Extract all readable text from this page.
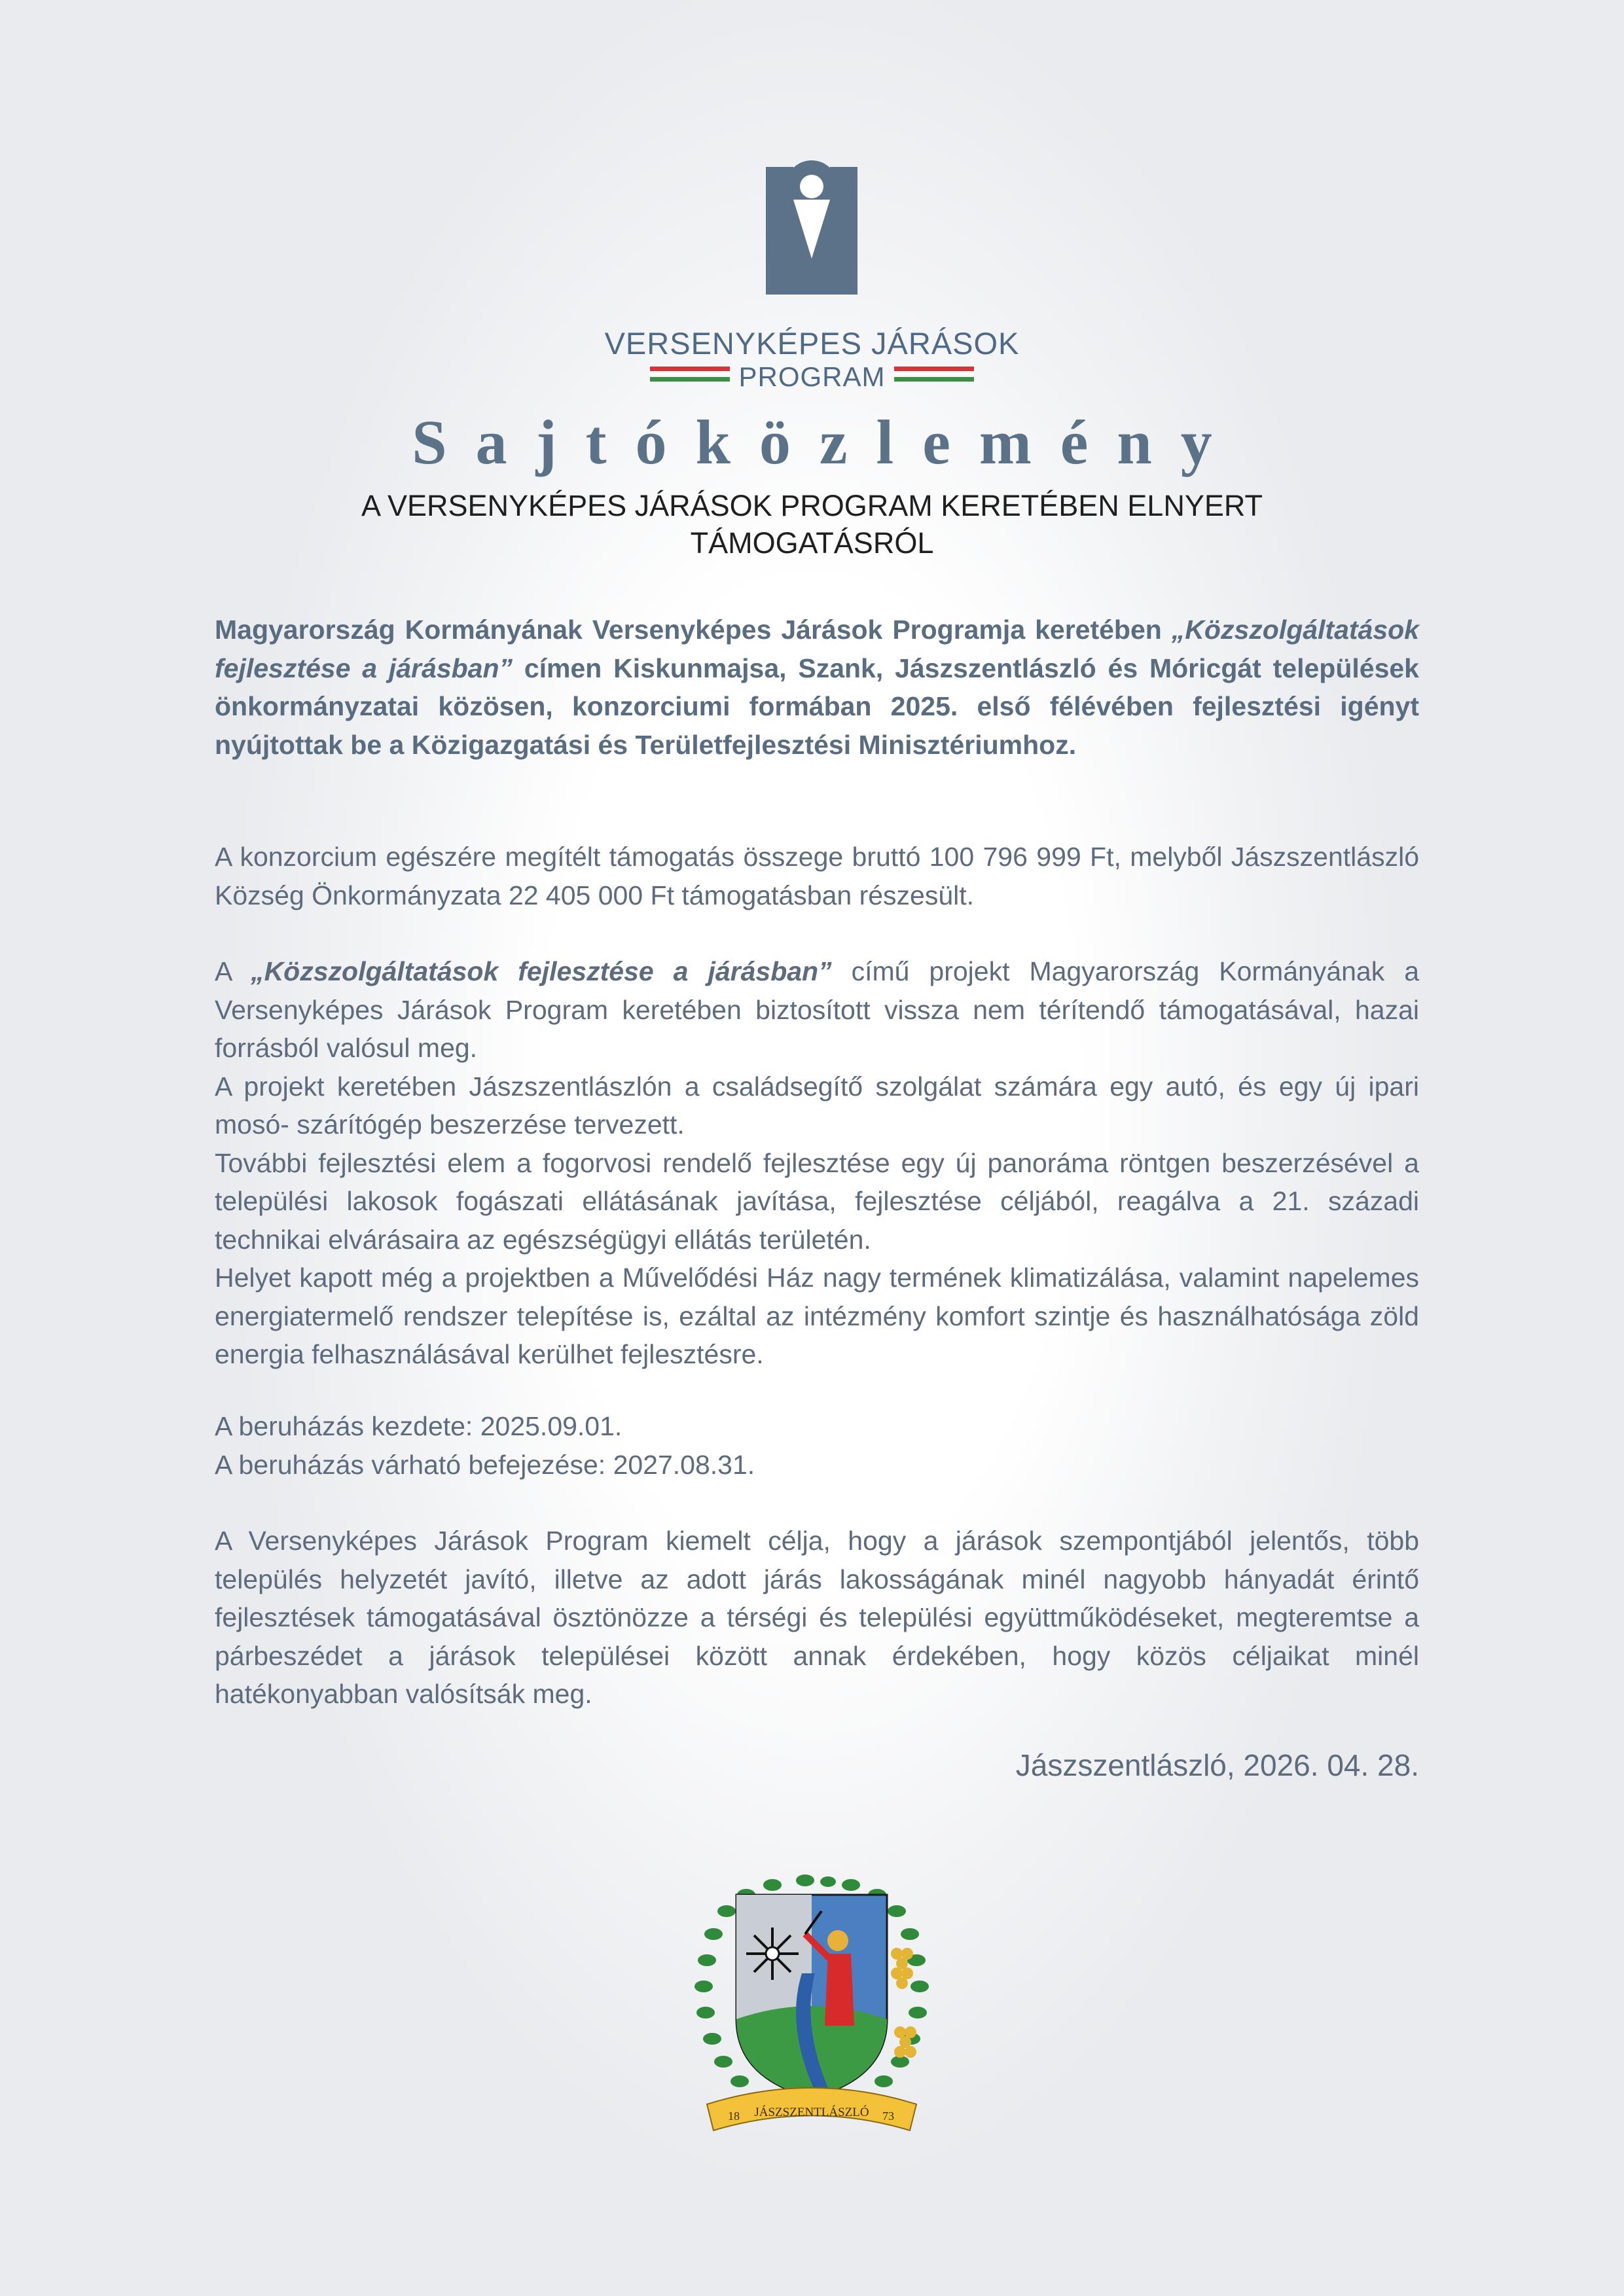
VERSENYKÉPES JÁRÁSOK
PROGRAM
Sajtóközlemény
A VERSENYKÉPES JÁRÁSOK PROGRAM KERETÉBEN ELNYERT TÁMOGATÁSRÓL

Magyarország Kormányának Versenyképes Járások Programja keretében „Közszolgáltatások fejlesztése a járásban” címen Kiskunmajsa, Szank, Jászszentlászló és Móricgát települések önkormányzatai közösen, konzorciumi formában 2025. első félévében fejlesztési igényt nyújtottak be a Közigazgatási és Területfejlesztési Minisztériumhoz.

A konzorcium egészére megítélt támogatás összege bruttó 100 796 999 Ft, melyből Jászszentlászló Község Önkormányzata 22 405 000 Ft támogatásban részesült.

A „Közszolgáltatások fejlesztése a járásban” című projekt Magyarország Kormányának a Versenyképes Járások Program keretében biztosított vissza nem térítendő támogatásával, hazai forrásból valósul meg.

A projekt keretében Jászszentlászlón a családsegítő szolgálat számára egy autó, és egy új ipari mosó- szárítógép beszerzése tervezett.

További fejlesztési elem a fogorvosi rendelő fejlesztése egy új panoráma röntgen beszerzésével a települési lakosok fogászati ellátásának javítása, fejlesztése céljából, reagálva a 21. századi technikai elvárásaira az egészségügyi ellátás területén.

Helyet kapott még a projektben a Művelődési Ház nagy termének klimatizálása, valamint napelemes energiatermelő rendszer telepítése is, ezáltal az intézmény komfort szintje és használhatósága zöld energia felhasználásával kerülhet fejlesztésre.

A beruházás kezdete: 2025.09.01.

A beruházás várható befejezése: 2027.08.31.

A Versenyképes Járások Program kiemelt célja, hogy a járások szempontjából jelentős, több település helyzetét javító, illetve az adott járás lakosságának minél nagyobb hányadát érintő fejlesztések támogatásával ösztönözze a térségi és települési együttműködéseket, megteremtse a párbeszédet a járások települései között annak érdekében, hogy közös céljaikat minél hatékonyabban valósítsák meg.

Jászszentlászló, 2026. 04. 28.
18 JÁSZSZENTLÁSZLÓ 73
